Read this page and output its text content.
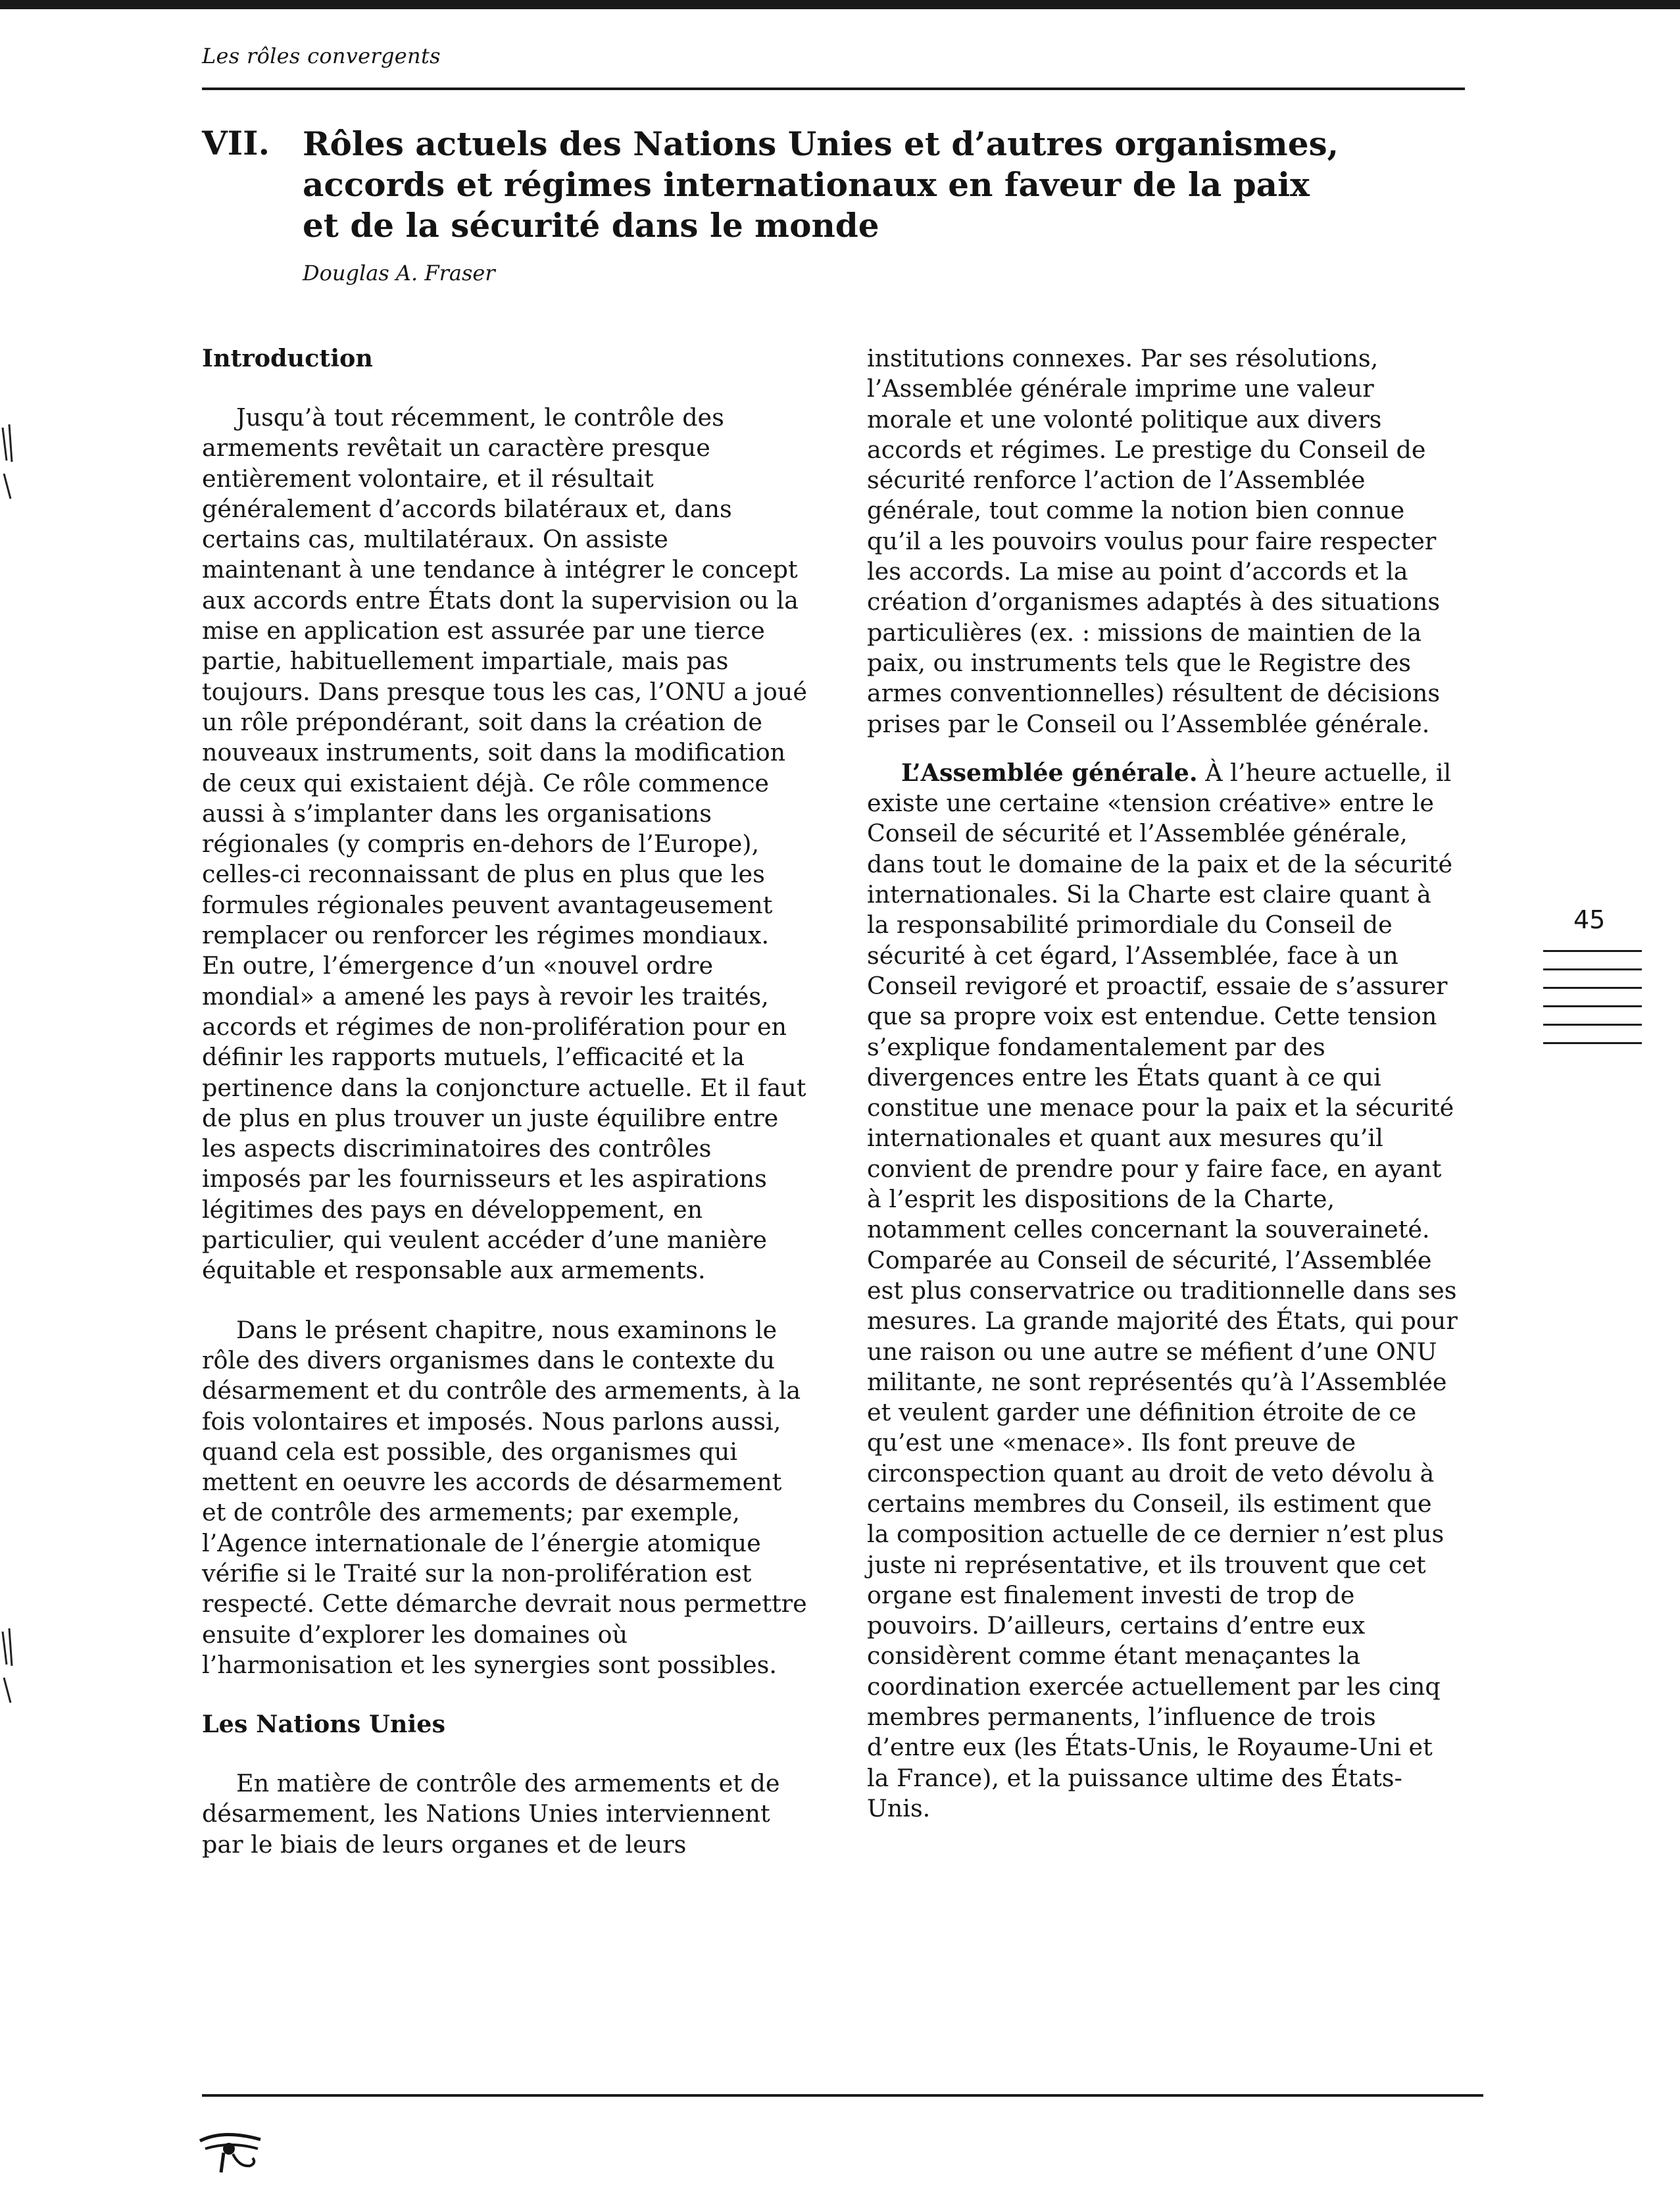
Les rôles convergents
VII. Rôles actuels des Nations Unies et d’autres organismes,
accords et régimes internationaux en faveur de la paix
et de la sécurité dans le monde
Douglas A. Fraser
Introduction

Jusqu’à tout récemment, le contrôle des armements revêtait un caractère presque entièrement volontaire, et il résultait généralement d’accords bilatéraux et, dans certains cas, multilatéraux. On assiste maintenant à une tendance à intégrer le concept aux accords entre États dont la supervision ou la mise en application est assurée par une tierce partie, habituellement impartiale, mais pas toujours. Dans presque tous les cas, l’ONU a joué un rôle prépondérant, soit dans la création de nouveaux instruments, soit dans la modification de ceux qui existaient déjà. Ce rôle commence aussi à s’implanter dans les organisations régionales (y compris en-dehors de l’Europe), celles-ci reconnaissant de plus en plus que les formules régionales peuvent avantageusement remplacer ou renforcer les régimes mondiaux. En outre, l’émergence d’un «nouvel ordre mondial» a amené les pays à revoir les traités, accords et régimes de non-prolifération pour en définir les rapports mutuels, l’efficacité et la pertinence dans la conjoncture actuelle. Et il faut de plus en plus trouver un juste équilibre entre les aspects discriminatoires des contrôles imposés par les fournisseurs et les aspirations légitimes des pays en développement, en particulier, qui veulent accéder d’une manière équitable et responsable aux armements.

Dans le présent chapitre, nous examinons le rôle des divers organismes dans le contexte du désarmement et du contrôle des armements, à la fois volontaires et imposés. Nous parlons aussi, quand cela est possible, des organismes qui mettent en oeuvre les accords de désarmement et de contrôle des armements; par exemple, l’Agence internationale de l’énergie atomique vérifie si le Traité sur la non-prolifération est respecté. Cette démarche devrait nous permettre ensuite d’explorer les domaines où l’harmonisation et les synergies sont possibles.

Les Nations Unies

En matière de contrôle des armements et de désarmement, les Nations Unies interviennent par le biais de leurs organes et de leurs

institutions connexes. Par ses résolutions, l’Assemblée générale imprime une valeur morale et une volonté politique aux divers accords et régimes. Le prestige du Conseil de sécurité renforce l’action de l’Assemblée générale, tout comme la notion bien connue qu’il a les pouvoirs voulus pour faire respecter les accords. La mise au point d’accords et la création d’organismes adaptés à des situations particulières (ex. : missions de maintien de la paix, ou instruments tels que le Registre des armes conventionnelles) résultent de décisions prises par le Conseil ou l’Assemblée générale.

L’Assemblée générale. À l’heure actuelle, il existe une certaine «tension créative» entre le Conseil de sécurité et l’Assemblée générale, dans tout le domaine de la paix et de la sécurité internationales. Si la Charte est claire quant à la responsabilité primordiale du Conseil de sécurité à cet égard, l’Assemblée, face à un Conseil revigoré et proactif, essaie de s’assurer que sa propre voix est entendue. Cette tension s’explique fondamentalement par des divergences entre les États quant à ce qui constitue une menace pour la paix et la sécurité internationales et quant aux mesures qu’il convient de prendre pour y faire face, en ayant à l’esprit les dispositions de la Charte, notamment celles concernant la souveraineté. Comparée au Conseil de sécurité, l’Assemblée est plus conservatrice ou traditionnelle dans ses mesures. La grande majorité des États, qui pour une raison ou une autre se méfient d’une ONU militante, ne sont représentés qu’à l’Assemblée et veulent garder une définition étroite de ce qu’est une «menace». Ils font preuve de circonspection quant au droit de veto dévolu à certains membres du Conseil, ils estiment que la composition actuelle de ce dernier n’est plus juste ni représentative, et ils trouvent que cet organe est finalement investi de trop de pouvoirs. D’ailleurs, certains d’entre eux considèrent comme étant menaçantes la coordination exercée actuellement par les cinq membres permanents, l’influence de trois d’entre eux (les États-Unis, le Royaume-Uni et la France), et la puissance ultime des États-Unis.

45
